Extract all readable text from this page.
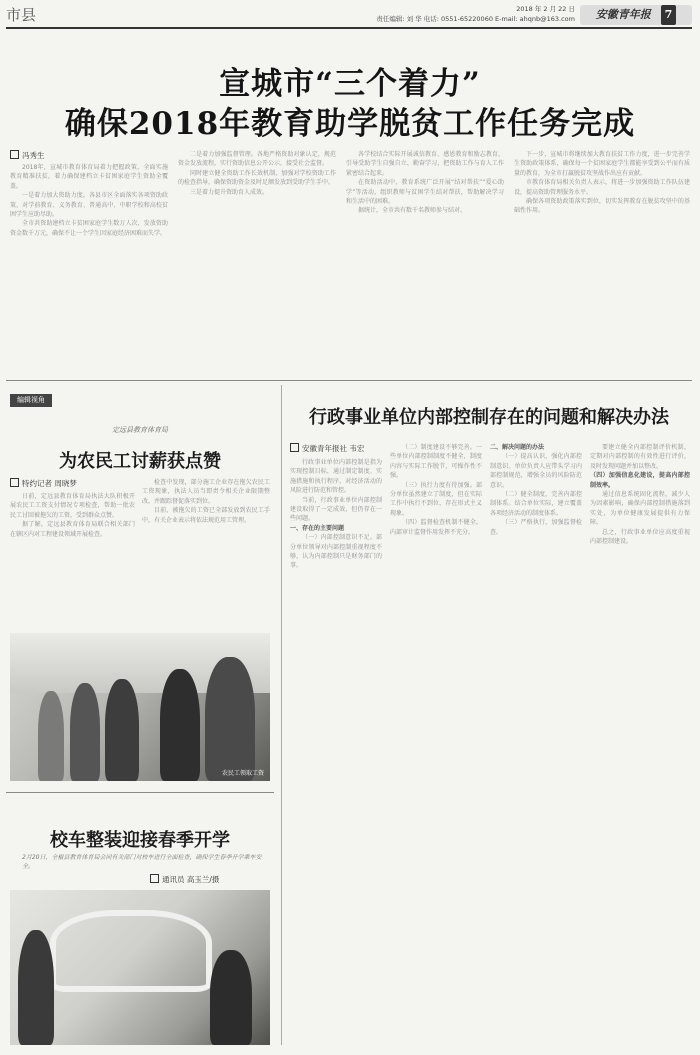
市县	2018 年 2 月 22 日
责任编辑: 刘 华 电话: 0551-65220060 E-mail: ahqnb@163.com	安徽青年报 7
宣城市“三个着力”
确保2018年教育助学脱贫工作任务完成
冯秀生

2018年，宣城市教育体育局着力把握政策，全面实施教育精准扶贫，着力确保建档立卡贫困家庭学生资助全覆盖。

一是着力加大资助力度。各县市区全面落实各项资助政策，对学前教育、义务教育、普通高中、中职学校和高校贫困学生应助尽助。

全市共资助建档立卡贫困家庭学生数万人次，发放资助资金数千万元，确保不让一个学生因家庭经济困难而失学。

二是着力加强监督管理。各地严格资助对象认定，规范资金发放流程，实行资助信息公开公示，接受社会监督。

同时建立健全资助工作长效机制，加强对学校资助工作的检查指导，确保资助资金及时足额发放到受助学生手中。

三是着力提升资助育人成效。

各学校结合实际开展诚信教育、感恩教育和励志教育，引导受助学生自强自立、勤奋学习，把资助工作与育人工作紧密结合起来。

在资助活动中，教育系统广泛开展“结对帮扶”“爱心助学”等活动，组织教师与贫困学生结对帮扶，帮助解决学习和生活中的困难。

据统计，全市共有数千名教师参与结对。

下一步，宣城市将继续加大教育扶贫工作力度，进一步完善学生资助政策体系，确保每一个贫困家庭学生都能享受到公平而有质量的教育，为全市打赢脱贫攻坚战作出应有贡献。

市教育体育局相关负责人表示，将进一步加强资助工作队伍建设，提高资助管理服务水平。

确保各项资助政策落实到位，切实发挥教育在脱贫攻坚中的基础性作用。

编辑视角
定远县教育体育局
为农民工讨薪获点赞
特约记者 周晓梦

日前，定远县教育体育局执法大队积极开展农民工工资支付情况专项检查，帮助一批农民工讨回被拖欠的工资，受到群众点赞。

据了解，定远县教育体育局联合相关部门在辖区内对工程建设领域开展检查。

检查中发现，部分施工企业存在拖欠农民工工资现象，执法人员当即责令相关企业限期整改，并跟踪督促落实到位。

目前，被拖欠的工资已全部发放到农民工手中，有关企业表示将依法规范用工管理。

农民工领取工资
校车整装迎接春季开学
2月20日，全椒县教育体育局会同有关部门对校车进行全面检查，确保学生春季开学乘车安全。
通讯员 高玉兰/摄
行政事业单位内部控制存在的问题和解决办法
安徽青年报社 韦宏

行政事业单位内部控制是指为实现控制目标，通过制定制度、实施措施和执行程序，对经济活动的风险进行防范和管控。

当前，行政事业单位内部控制建设取得了一定成效，但仍存在一些问题。

一、存在的主要问题

（一）内部控制意识不足。部分单位领导对内部控制重视程度不够，认为内部控制只是财务部门的事。

（二）制度建设不够完善。一些单位内部控制制度不健全，制度内容与实际工作脱节，可操作性不强。

（三）执行力度有待加强。部分单位虽然建立了制度，但在实际工作中执行不到位，存在形式主义现象。

（四）监督检查机制不健全。内部审计监督作用发挥不充分。

二、解决问题的办法

（一）提高认识，强化内部控制意识。单位负责人应带头学习内部控制规范，增强全员的风险防范意识。

（二）健全制度，完善内部控制体系。结合单位实际，建立覆盖各项经济活动的制度体系。

（三）严格执行，加强监督检查。

要建立健全内部控制评价机制，定期对内部控制的有效性进行评价，及时发现问题并加以整改。

（四）加强信息化建设，提高内部控制效率。

通过信息系统固化流程，减少人为因素影响，确保内部控制措施落到实处，为单位健康发展提供有力保障。

总之，行政事业单位应高度重视内部控制建设。
